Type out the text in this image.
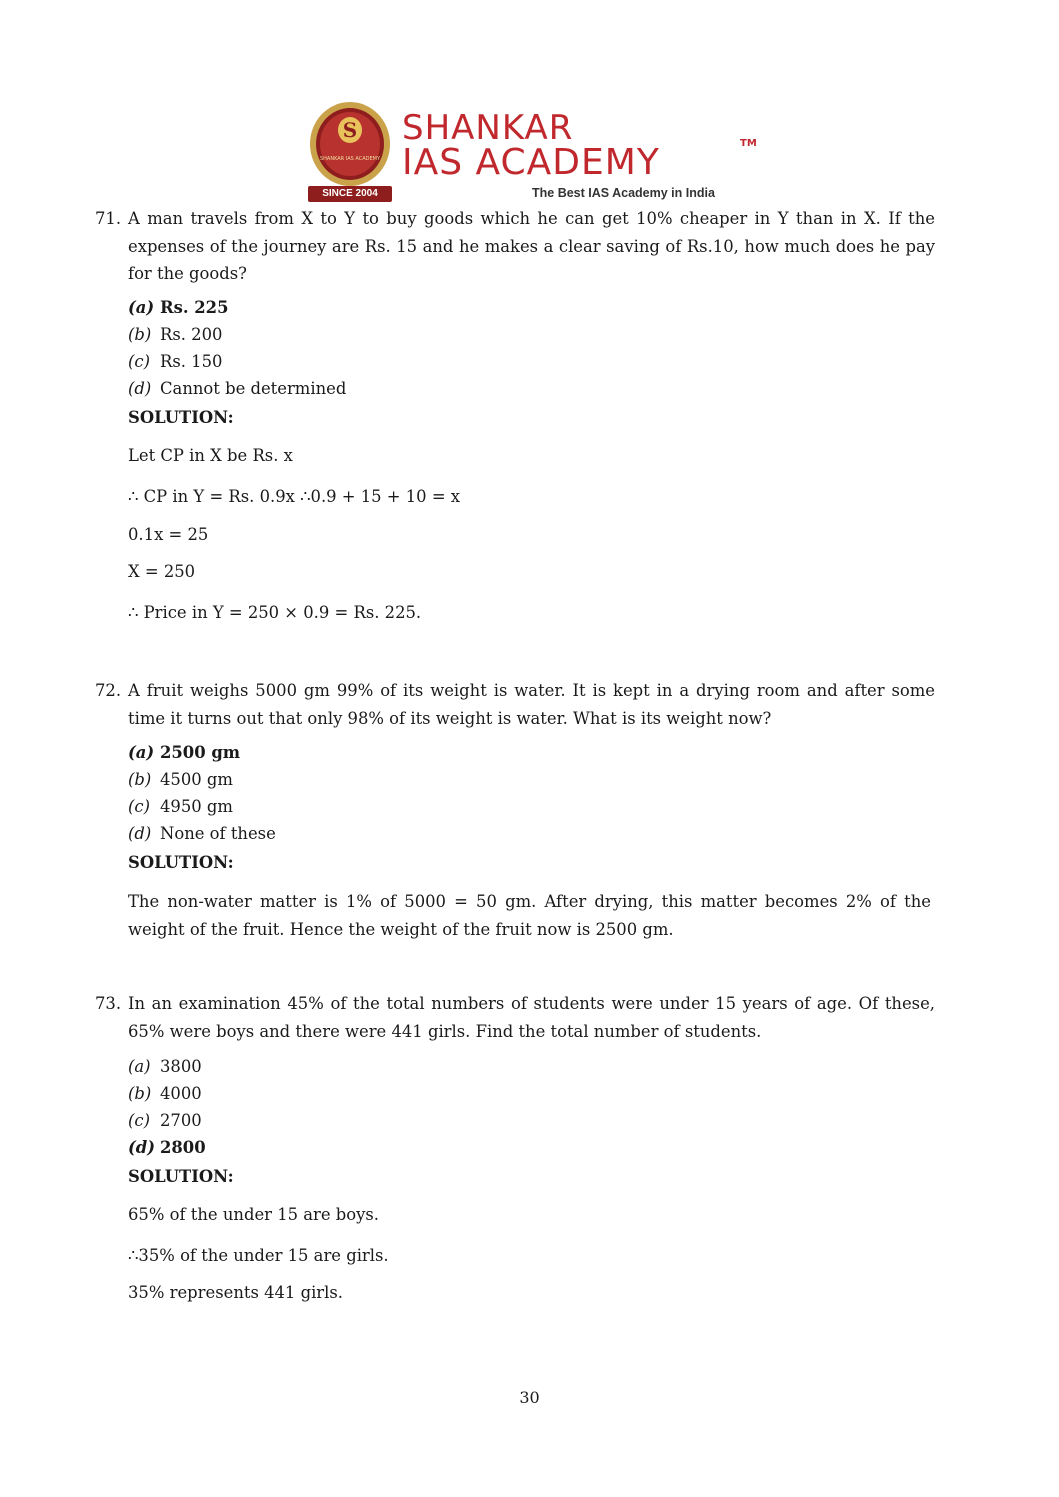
S
SHANKAR IAS ACADEMY
SINCE 2004
SHANKAR
IAS ACADEMY	TM
The Best IAS Academy in India
71. A man travels from X to Y to buy goods which he can get 10% cheaper in Y than in X. If the expenses of the journey are Rs. 15 and he makes a clear saving of Rs.10, how much does he pay for the goods?
(a) Rs. 225
(b) Rs. 200
(c) Rs. 150
(d) Cannot be determined
SOLUTION:
Let CP in X be Rs. x
∴ CP in Y = Rs. 0.9x ∴0.9 + 15 + 10 = x
0.1x = 25
X = 250
∴ Price in Y = 250 × 0.9 = Rs. 225.
72. A fruit weighs 5000 gm 99% of its weight is water. It is kept in a drying room and after some time it turns out that only 98% of its weight is water. What is its weight now?
(a) 2500 gm
(b) 4500 gm
(c) 4950 gm
(d) None of these
SOLUTION:
The non-water matter is 1% of 5000 = 50 gm. After drying, this matter becomes 2% of the weight of the fruit. Hence the weight of the fruit now is 2500 gm.
73. In an examination 45% of the total numbers of students were under 15 years of age. Of these, 65% were boys and there were 441 girls. Find the total number of students.
(a) 3800
(b) 4000
(c) 2700
(d) 2800
SOLUTION:
65% of the under 15 are boys.
∴35% of the under 15 are girls.
35% represents 441 girls.
30
